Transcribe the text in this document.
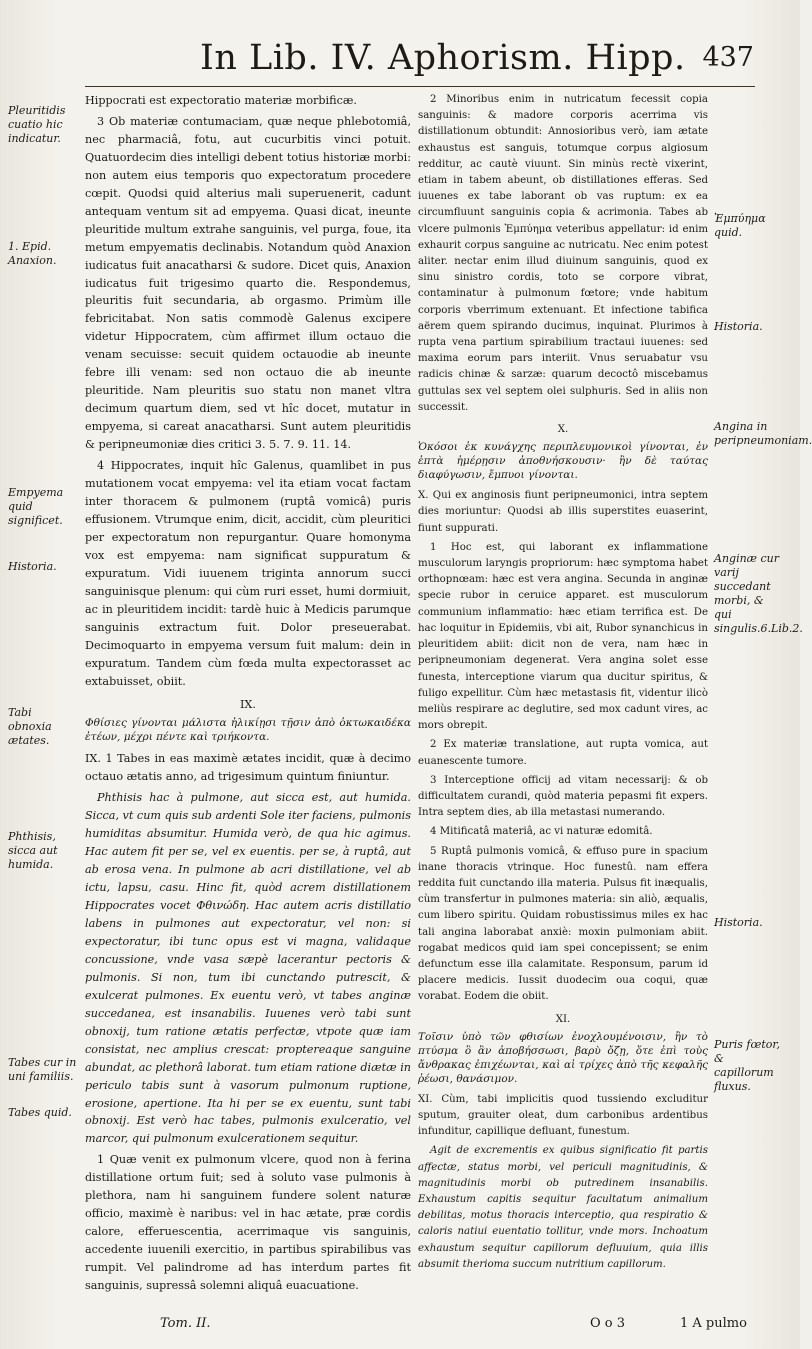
In Lib. IV. Aphorism. Hipp. 437
Pleuritidis cuatio hic indicatur.
1. Epid. Anaxion.
Empyema quid significet.
Historia.
Tabi obnoxia ætates.
Phthisis, sicca aut humida.
Tabes cur in uni familiis.
Tabes quid.
Ἐμπύημα quid.
Historia.
Angina in peripneumoniam.
Anginæ cur varij succedant morbi, & qui singulis.6.Lib.2.
Historia.
Puris fœtor, & capillorum fluxus.

Hippocrati est expectoratio materiæ morbificæ.

3 Ob materiæ contumaciam, quæ neque phlebotomiâ, nec pharmaciâ, fotu, aut cucurbitis vinci potuit. Quatuordecim dies intelligi debent totius historiæ morbi: non autem eius temporis quo expectoratum procedere cœpit. Quodsi quid alterius mali superuenerit, cadunt antequam ventum sit ad empyema. Quasi dicat, ineunte pleuritide multum extrahe sanguinis, vel purga, foue, ita metum empyematis declinabis. Notandum quòd Anaxion iudicatus fuit anacatharsi & sudore. Dicet quis, Anaxion iudicatus fuit trigesimo quarto die. Respondemus, pleuritis fuit secundaria, ab orgasmo. Primùm ille febricitabat. Non satis commodè Galenus excipere videtur Hippocratem, cùm affirmet illum octauo die venam secuisse: secuit quidem octauodie ab ineunte febre illi venam: sed non octauo die ab ineunte pleuritide. Nam pleuritis suo statu non manet vltra decimum quartum diem, sed vt hîc docet, mutatur in empyema, si careat anacatharsi. Sunt autem pleuritidis & peripneumoniæ dies critici 3. 5. 7. 9. 11. 14.

4 Hippocrates, inquit hîc Galenus, quamlibet in pus mutationem vocat empyema: vel ita etiam vocat factam inter thoracem & pulmonem (ruptâ vomicâ) puris effusionem. Vtrumque enim, dicit, accidit, cùm pleuritici per expectoratum non repurgantur. Quare homonyma vox est empyema: nam significat suppuratum & expuratum. Vidi iuuenem triginta annorum succi sanguinisque plenum: qui cùm ruri esset, humi dormiuit, ac in pleuritidem incidit: tardè huic à Medicis parumque sanguinis extractum fuit. Dolor preseuerabat. Decimoquarto in empyema versum fuit malum: dein in expuratum. Tandem cùm fœda multa expectorasset ac extabuisset, obiit.

IX.

Φθίσιες γίνονται μάλιστα ἡλικίῃσι τῇσιν ἀπὸ ὀκτωκαιδέκα ἐτέων, μέχρι πέντε καὶ τριήκοντα.

IX. 1 Tabes in eas maximè ætates incidit, quæ à decimo octauo ætatis anno, ad trigesimum quintum finiuntur.

Phthisis hac à pulmone, aut sicca est, aut humida. Sicca, vt cum quis sub ardenti Sole iter faciens, pulmonis humiditas absumitur. Humida verò, de qua hic agimus. Hac autem fit per se, vel ex euentis. per se, à ruptâ, aut ab erosa vena. In pulmone ab acri distillatione, vel ab ictu, lapsu, casu. Hinc fit, quòd acrem distillationem Hippocrates vocet Φθινώδη. Hac autem acris distillatio labens in pulmones aut expectoratur, vel non: si expectoratur, ibi tunc opus est vi magna, validaque concussione, vnde vasa sæpè lacerantur pectoris & pulmonis. Si non, tum ibi cunctando putrescit, & exulcerat pulmones. Ex euentu verò, vt tabes anginæ succedanea, est insanabilis. Iuuenes verò tabi sunt obnoxij, tum ratione ætatis perfectæ, vtpote quæ iam consistat, nec amplius crescat: proptereaque sanguine abundat, ac plethorâ laborat. tum etiam ratione diætæ in periculo tabis sunt à vasorum pulmonum ruptione, erosione, apertione. Ita hi per se ex euentu, sunt tabi obnoxij. Est verò hac tabes, pulmonis exulceratio, vel marcor, qui pulmonum exulcerationem sequitur.

1 Quæ venit ex pulmonum vlcere, quod non à ferina distillatione ortum fuit; sed à soluto vase pulmonis à plethora, nam hi sanguinem fundere solent naturæ officio, maximè è naribus: vel in hac ætate, præ cordis calore, efferuescentia, acerrimaque vis sanguinis, accedente iuuenili exercitio, in partibus spirabilibus vas rumpit. Vel palindrome ad has interdum partes fit sanguinis, supressâ solemni aliquâ euacuatione.

2 Minoribus enim in nutricatum fecessit copia sanguinis: & madore corporis acerrima vis distillationum obtundit: Annosioribus verò, iam ætate exhaustus est sanguis, totumque corpus algiosum redditur, ac cautè viuunt. Sin minùs rectè vixerint, etiam in tabem abeunt, ob distillationes efferas. Sed iuuenes ex tabe laborant ob vas ruptum: ex ea circumfluunt sanguinis copia & acrimonia. Tabes ab vlcere pulmonis Ἐμπύημα veteribus appellatur: id enim exhaurit corpus sanguine ac nutricatu. Nec enim potest aliter. nectar enim illud diuinum sanguinis, quod ex sinu sinistro cordis, toto se corpore vibrat, contaminatur à pulmonum fœtore; vnde habitum corporis vberrimum extenuant. Et infectione tabifica aërem quem spirando ducimus, inquinat. Plurimos à rupta vena partium spirabilium tractaui iuuenes: sed maxima eorum pars interiit. Vnus seruabatur vsu radicis chinæ & sarzæ: quarum decoctô miscebamus guttulas sex vel septem olei sulphuris. Sed in aliis non successit.

X.

Ὁκόσοι ἐκ κυνάγχης περιπλευμονικοὶ γίνονται, ἐν ἑπτὰ ἡμέρῃσιν ἀποθνήσκουσιν· ἢν δὲ ταύτας διαφύγωσιν, ἔμπυοι γίνονται.

X. Qui ex anginosis fiunt peripneumonici, intra septem dies moriuntur: Quodsi ab illis superstites euaserint, fiunt suppurati.

1 Hoc est, qui laborant ex inflammatione musculorum laryngis propriorum: hæc symptoma habet orthopnœam: hæc est vera angina. Secunda in anginæ specie rubor in ceruice apparet. est musculorum communium inflammatio: hæc etiam terrifica est. De hac loquitur in Epidemiis, vbi ait, Rubor synanchicus in pleuritidem abiit: dicit non de vera, nam hæc in peripneumoniam degenerat. Vera angina solet esse funesta, interceptione viarum qua ducitur spiritus, & fuligo expellitur. Cùm hæc metastasis fit, videntur ilicò meliùs respirare ac deglutire, sed mox cadunt vires, ac mors obrepit.

2 Ex materiæ translatione, aut rupta vomica, aut euanescente tumore.

3 Interceptione officij ad vitam necessarij: & ob difficultatem curandi, quòd materia pepasmi fit expers. Intra septem dies, ab illa metastasi numerando.

4 Mitificatâ materiâ, ac vi naturæ edomitâ.

5 Ruptâ pulmonis vomicâ, & effuso pure in spacium inane thoracis vtrinque. Hoc funestû. nam effera reddita fuit cunctando illa materia. Pulsus fit inæqualis, cùm transfertur in pulmones materia: sin aliò, æqualis, cum libero spiritu. Quidam robustissimus miles ex hac tali angina laborabat anxiè: moxin pulmoniam abiit. rogabat medicos quid iam spei concepissent; se enim defunctum esse illa calamitate. Responsum, parum id placere medicis. Iussit duodecim oua coqui, quæ vorabat. Eodem die obiit.

XI.

Τοῖσιν ὑπὸ τῶν φθισίων ἐνοχλουμένοισιν, ἢν τὸ πτύσμα ὃ ἂν ἀποβήσσωσι, βαρὺ ὄζῃ, ὅτε ἐπὶ τοὺς ἄνθρακας ἐπιχέωνται, καὶ αἱ τρίχες ἀπὸ τῆς κεφαλῆς ῥέωσι, θανάσιμον.

XI. Cùm, tabi implicitis quod tussiendo excluditur sputum, grauiter oleat, dum carbonibus ardentibus infunditur, capillique defluant, funestum.

Agit de excrementis ex quibus significatio fit partis affectæ, status morbi, vel periculi magnitudinis, & magnitudinis morbi ob putredinem insanabilis. Exhaustum capitis sequitur facultatum animalium debilitas, motus thoracis interceptio, qua respiratio & caloris natiui euentatio tollitur, vnde mors. Inchoatum exhaustum sequitur capillorum defluuium, quia illis absumit therioma succum nutritium capillorum.

Tom. II.	O o 3	1 A pulmo
